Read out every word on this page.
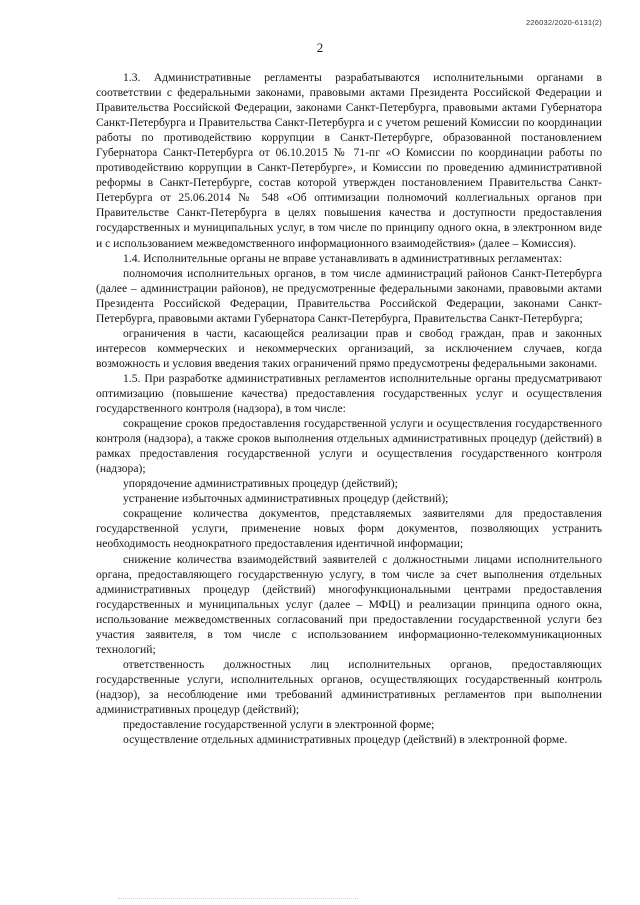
226032/2020-6131(2)
2

1.3. Административные регламенты разрабатываются исполнительными органами в соответствии с федеральными законами, правовыми актами Президента Российской Федерации и Правительства Российской Федерации, законами Санкт-Петербурга, правовыми актами Губернатора Санкт-Петербурга и Правительства Санкт-Петербурга и с учетом решений Комиссии по координации работы по противодействию коррупции в Санкт-Петербурге, образованной постановлением Губернатора Санкт-Петербурга от 06.10.2015 № 71-пг «О Комиссии по координации работы по противодействию коррупции в Санкт-Петербурге», и Комиссии по проведению административной реформы в Санкт-Петербурге, состав которой утвержден постановлением Правительства Санкт-Петербурга от 25.06.2014 № 548 «Об оптимизации полномочий коллегиальных органов при Правительстве Санкт-Петербурга в целях повышения качества и доступности предоставления государственных и муниципальных услуг, в том числе по принципу одного окна, в электронном виде и с использованием межведомственного информационного взаимодействия» (далее – Комиссия).

1.4. Исполнительные органы не вправе устанавливать в административных регламентах:

полномочия исполнительных органов, в том числе администраций районов Санкт-Петербурга (далее – администрации районов), не предусмотренные федеральными законами, правовыми актами Президента Российской Федерации, Правительства Российской Федерации, законами Санкт-Петербурга, правовыми актами Губернатора Санкт-Петербурга, Правительства Санкт-Петербурга;

ограничения в части, касающейся реализации прав и свобод граждан, прав и законных интересов коммерческих и некоммерческих организаций, за исключением случаев, когда возможность и условия введения таких ограничений прямо предусмотрены федеральными законами.

1.5. При разработке административных регламентов исполнительные органы предусматривают оптимизацию (повышение качества) предоставления государственных услуг и осуществления государственного контроля (надзора), в том числе:

сокращение сроков предоставления государственной услуги и осуществления государственного контроля (надзора), а также сроков выполнения отдельных административных процедур (действий) в рамках предоставления государственной услуги и осуществления государственного контроля (надзора);

упорядочение административных процедур (действий);

устранение избыточных административных процедур (действий);

сокращение количества документов, представляемых заявителями для предоставления государственной услуги, применение новых форм документов, позволяющих устранить необходимость неоднократного предоставления идентичной информации;

снижение количества взаимодействий заявителей с должностными лицами исполнительного органа, предоставляющего государственную услугу, в том числе за счет выполнения отдельных административных процедур (действий) многофункциональными центрами предоставления государственных и муниципальных услуг (далее – МФЦ) и реализации принципа одного окна, использование межведомственных согласований при предоставлении государственной услуги без участия заявителя, в том числе с использованием информационно-телекоммуникационных технологий;

ответственность должностных лиц исполнительных органов, предоставляющих государственные услуги, исполнительных органов, осуществляющих государственный контроль (надзор), за несоблюдение ими требований административных регламентов при выполнении административных процедур (действий);

предоставление государственной услуги в электронной форме;

осуществление отдельных административных процедур (действий) в электронной форме.
